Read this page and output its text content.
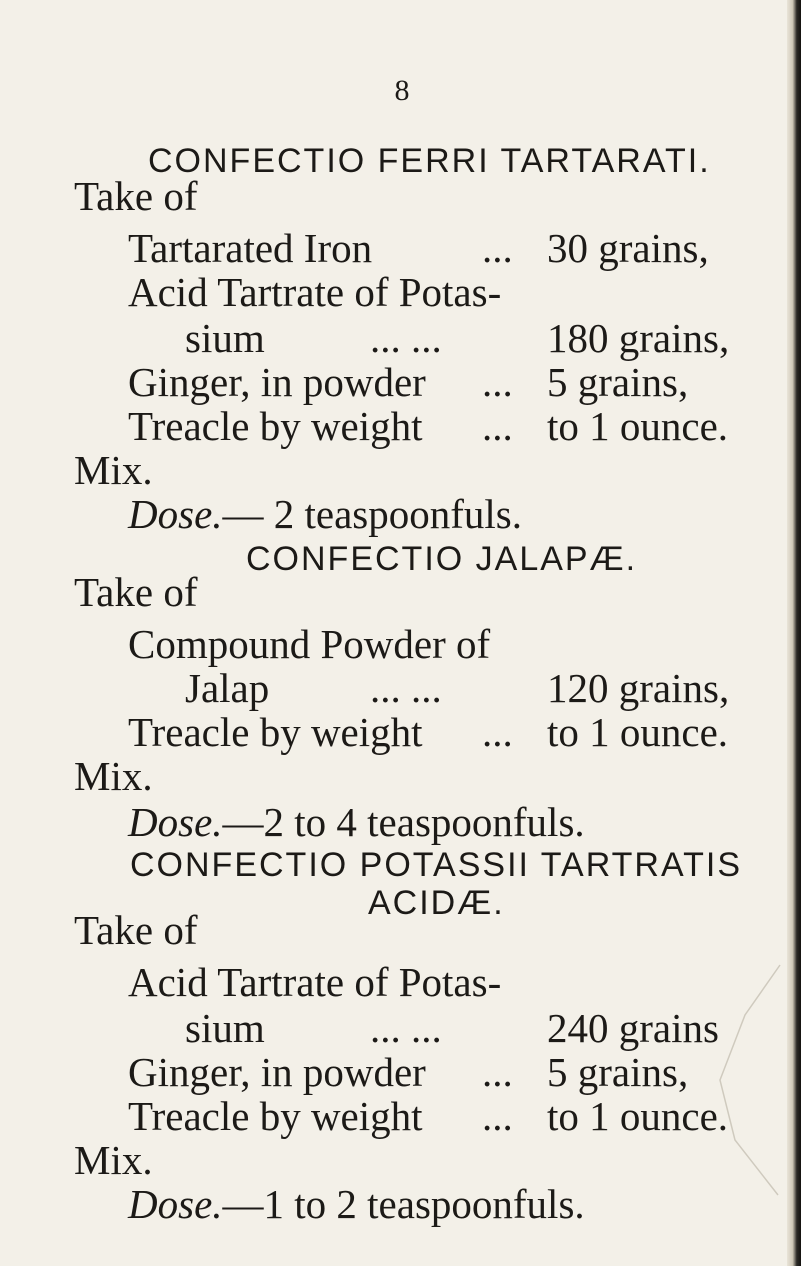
8
CONFECTIO FERRI TARTARATI.
Take of
Tartarated Iron	... 30 grains,
Acid Tartrate of Potas-
sium	... ...	180 grains,
Ginger, in powder ... 5 grains,
Treacle by weight ... to 1 ounce.
Mix.
Dose.— 2 teaspoonfuls.
CONFECTIO JALAPÆ.
Take of
Compound Powder of
Jalap ... ...	120 grains,
Treacle by weight ... to 1 ounce.
Mix.
Dose.—2 to 4 teaspoonfuls.
CONFECTIO POTASSII TARTRATIS
ACIDÆ.
Take of
Acid Tartrate of Potas-
sium	... ...	240 grains
Ginger, in powder ... 5 grains,
Treacle by weight ... to 1 ounce.
Mix.
Dose.—1 to 2 teaspoonfuls.
